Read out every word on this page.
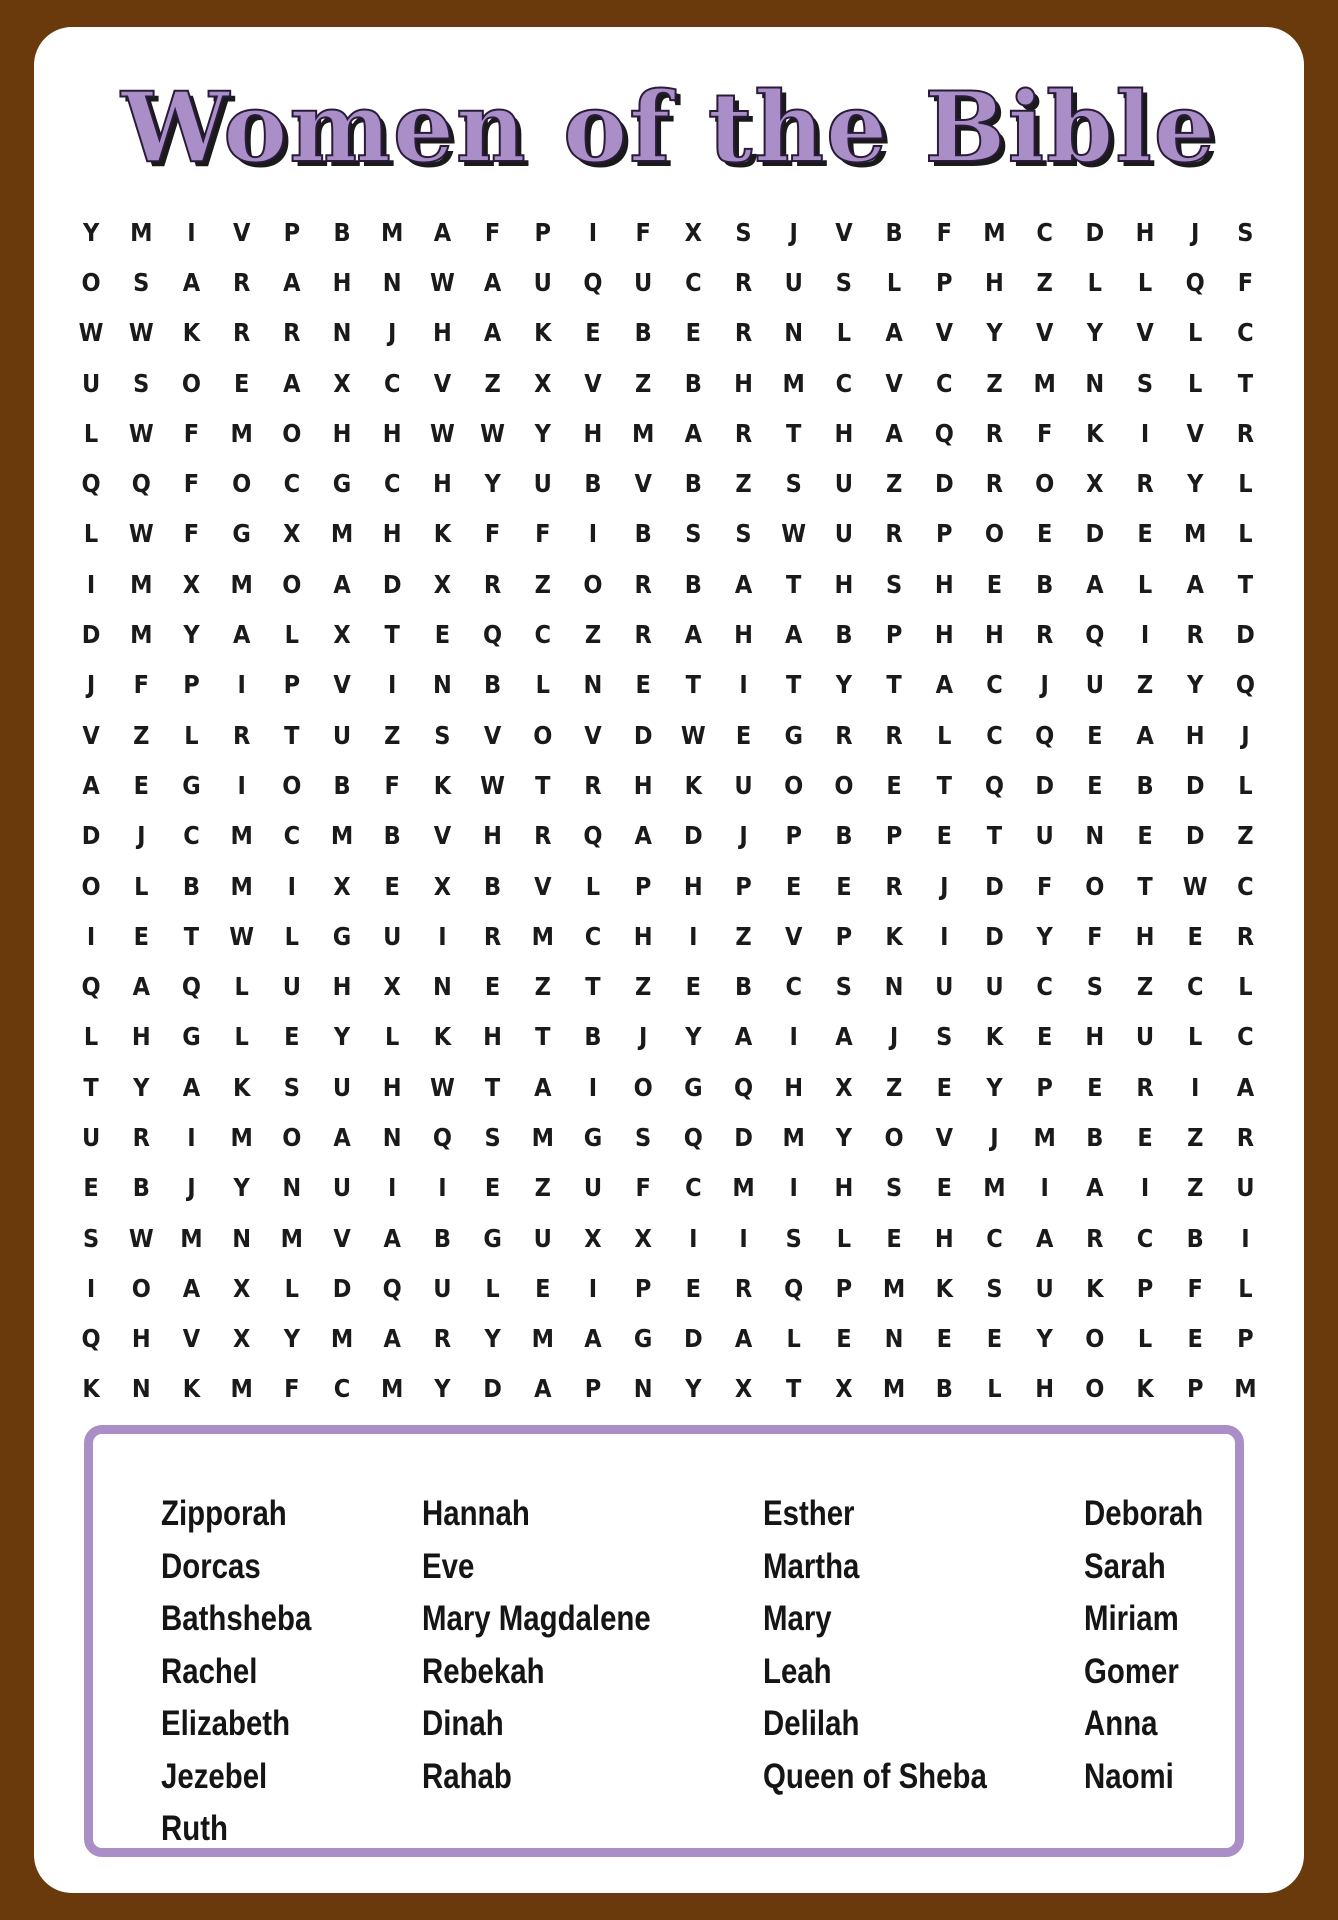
Women of the Bible
Y	M	I	V	P	B	M	A	F	P	I	F	X	S	J	V	B	F	M	C	D	H	J	S
O	S	A	R	A	H	N	W	A	U	Q	U	C	R	U	S	L	P	H	Z	L	L	Q	F
W	W	K	R	R	N	J	H	A	K	E	B	E	R	N	L	A	V	Y	V	Y	V	L	C
U	S	O	E	A	X	C	V	Z	X	V	Z	B	H	M	C	V	C	Z	M	N	S	L	T
L	W	F	M	O	H	H	W	W	Y	H	M	A	R	T	H	A	Q	R	F	K	I	V	R
Q	Q	F	O	C	G	C	H	Y	U	B	V	B	Z	S	U	Z	D	R	O	X	R	Y	L
L	W	F	G	X	M	H	K	F	F	I	B	S	S	W	U	R	P	O	E	D	E	M	L
I	M	X	M	O	A	D	X	R	Z	O	R	B	A	T	H	S	H	E	B	A	L	A	T
D	M	Y	A	L	X	T	E	Q	C	Z	R	A	H	A	B	P	H	H	R	Q	I	R	D
J	F	P	I	P	V	I	N	B	L	N	E	T	I	T	Y	T	A	C	J	U	Z	Y	Q
V	Z	L	R	T	U	Z	S	V	O	V	D	W	E	G	R	R	L	C	Q	E	A	H	J
A	E	G	I	O	B	F	K	W	T	R	H	K	U	O	O	E	T	Q	D	E	B	D	L
D	J	C	M	C	M	B	V	H	R	Q	A	D	J	P	B	P	E	T	U	N	E	D	Z
O	L	B	M	I	X	E	X	B	V	L	P	H	P	E	E	R	J	D	F	O	T	W	C
I	E	T	W	L	G	U	I	R	M	C	H	I	Z	V	P	K	I	D	Y	F	H	E	R
Q	A	Q	L	U	H	X	N	E	Z	T	Z	E	B	C	S	N	U	U	C	S	Z	C	L
L	H	G	L	E	Y	L	K	H	T	B	J	Y	A	I	A	J	S	K	E	H	U	L	C
T	Y	A	K	S	U	H	W	T	A	I	O	G	Q	H	X	Z	E	Y	P	E	R	I	A
U	R	I	M	O	A	N	Q	S	M	G	S	Q	D	M	Y	O	V	J	M	B	E	Z	R
E	B	J	Y	N	U	I	I	E	Z	U	F	C	M	I	H	S	E	M	I	A	I	Z	U
S	W	M	N	M	V	A	B	G	U	X	X	I	I	S	L	E	H	C	A	R	C	B	I
I	O	A	X	L	D	Q	U	L	E	I	P	E	R	Q	P	M	K	S	U	K	P	F	L
Q	H	V	X	Y	M	A	R	Y	M	A	G	D	A	L	E	N	E	E	Y	O	L	E	P
K	N	K	M	F	C	M	Y	D	A	P	N	Y	X	T	X	M	B	L	H	O	K	P	M
Zipporah
Dorcas
Bathsheba
Rachel
Elizabeth
Jezebel
Ruth
Hannah
Eve
Mary Magdalene
Rebekah
Dinah
Rahab
Esther
Martha
Mary
Leah
Delilah
Queen of Sheba
Deborah
Sarah
Miriam
Gomer
Anna
Naomi
